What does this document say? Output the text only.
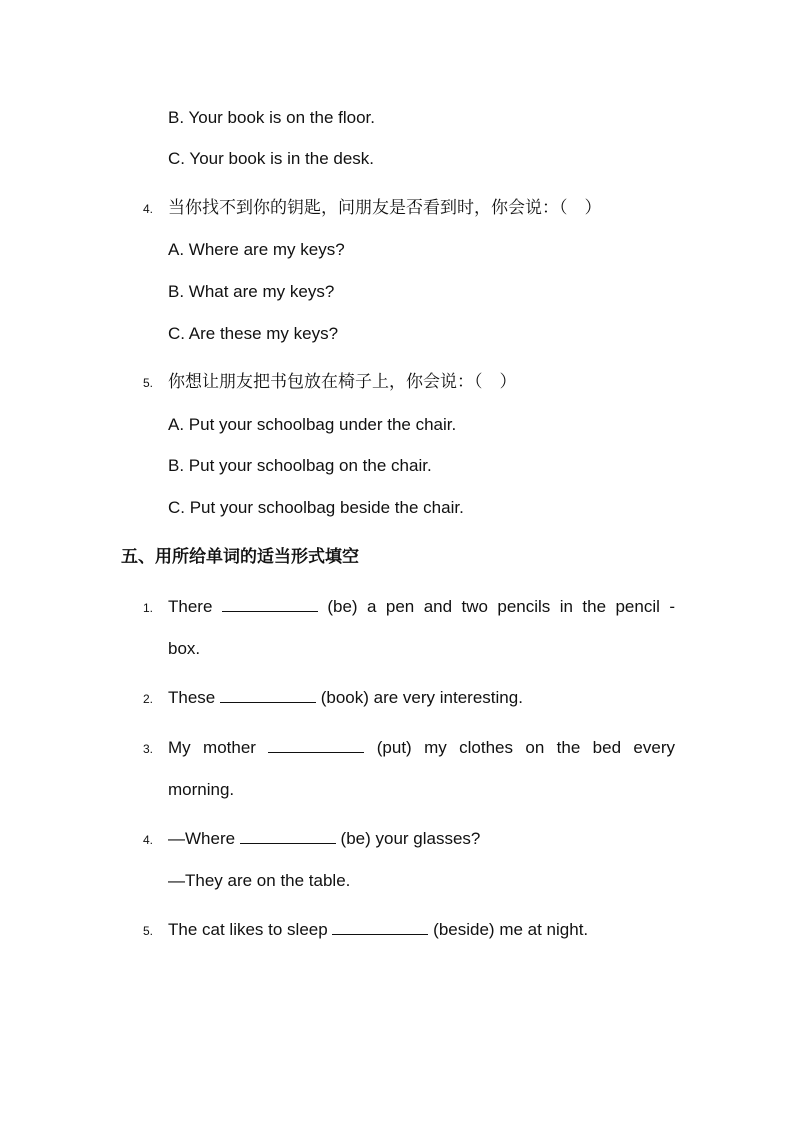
B. Your book is on the floor.
C. Your book is in the desk.
4. 当你找不到你的钥匙，问朋友是否看到时，你会说：（　）
A. Where are my keys?
B. What are my keys?
C. Are these my keys?
5. 你想让朋友把书包放在椅子上，你会说：（　）
A. Put your schoolbag under the chair.
B. Put your schoolbag on the chair.
C. Put your schoolbag beside the chair.
五、用所给单词的适当形式填空
1. There	(be) a pen and two pencils in the pencil -
box.
2. These	(book) are very interesting.
3. My mother	(put) my clothes on the bed every
morning.
4. —Where	(be) your glasses?
—They are on the table.
5. The cat likes to sleep	(beside) me at night.
